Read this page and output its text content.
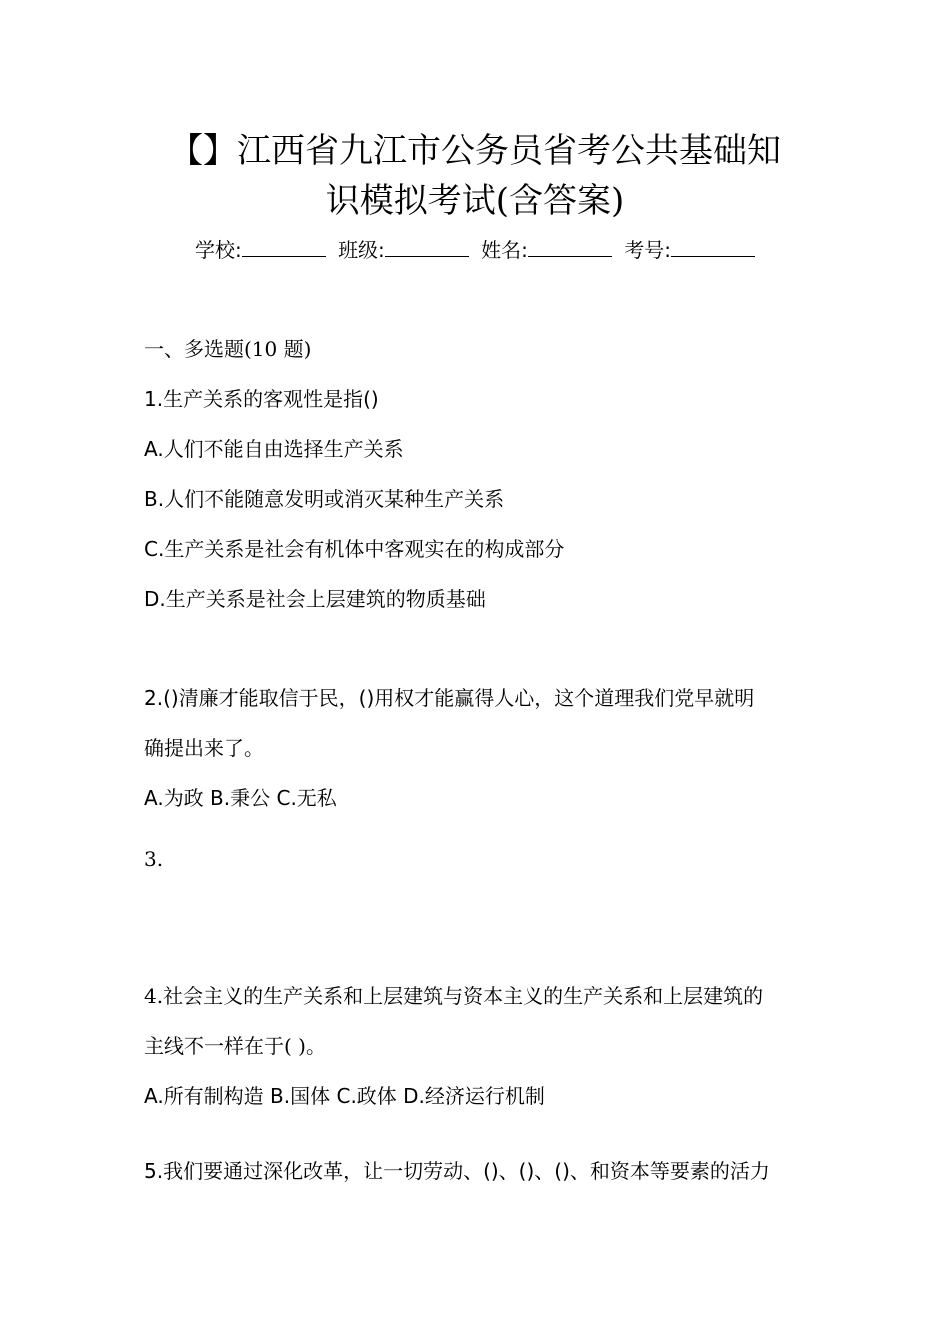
【】江西省九江市公务员省考公共基础知
识模拟考试(含答案)
学校:	班级:	姓名:	考号:
一、多选题(10 题)
1.生产关系的客观性是指()
A.人们不能自由选择生产关系
B.人们不能随意发明或消灭某种生产关系
C.生产关系是社会有机体中客观实在的构成部分
D.生产关系是社会上层建筑的物质基础
2.()清廉才能取信于民，()用权才能赢得人心，这个道理我们党早就明
确提出来了。
A.为政 B.秉公 C.无私
3.
4.社会主义的生产关系和上层建筑与资本主义的生产关系和上层建筑的
主线不一样在于( )。
A.所有制构造 B.国体 C.政体 D.经济运行机制
5.我们要通过深化改革，让一切劳动、()、()、()、和资本等要素的活力
